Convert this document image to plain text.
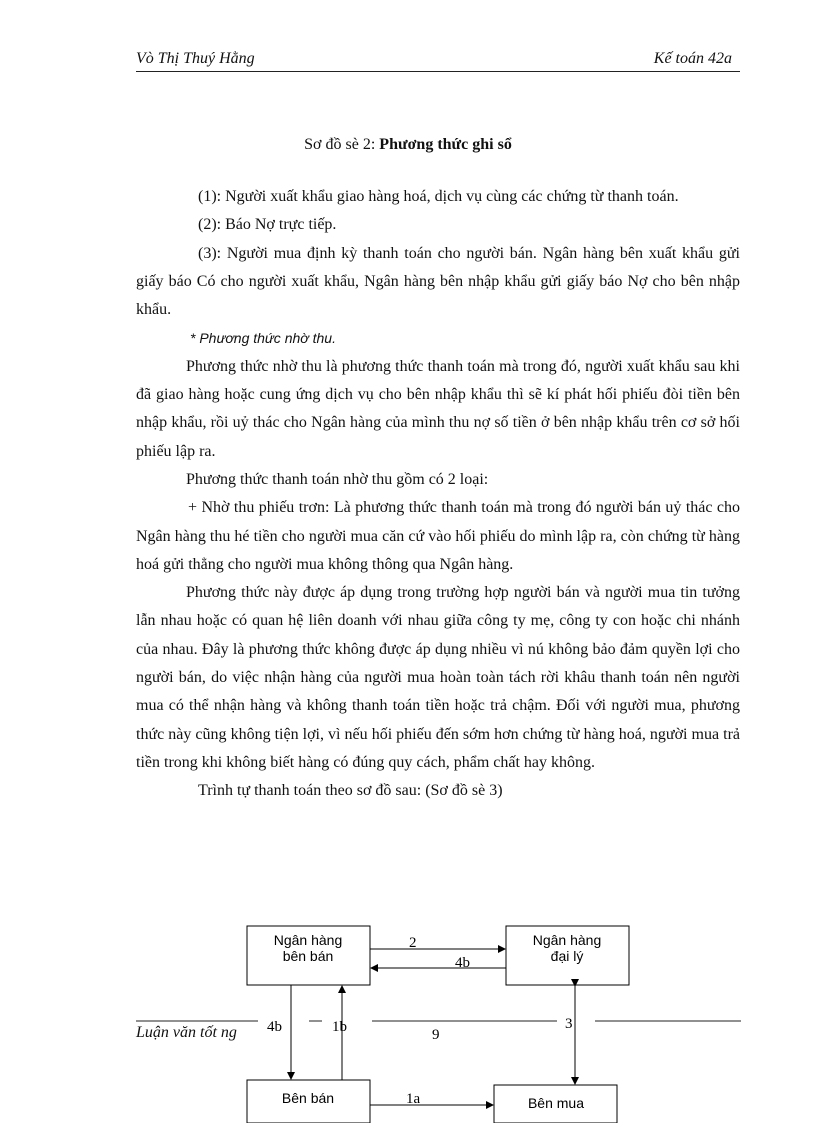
Vò Thị Thuý Hằng	Kế toán 42a
Sơ đồ sè 2: Phương thức ghi sổ

(1): Người xuất khẩu giao hàng hoá, dịch vụ cùng các chứng từ thanh toán.

(2): Báo Nợ trực tiếp.

(3): Người mua định kỳ thanh toán cho người bán. Ngân hàng bên xuất khẩu gửi giấy báo Có cho người xuất khẩu, Ngân hàng bên nhập khẩu gửi giấy báo Nợ cho bên nhập khẩu.

* Phương thức nhờ thu.

Phương thức nhờ thu là phương thức thanh toán mà trong đó, người xuất khẩu sau khi đã giao hàng hoặc cung ứng dịch vụ cho bên nhập khẩu thì sẽ kí phát hối phiếu đòi tiền bên nhập khẩu, rồi uỷ thác cho Ngân hàng của mình thu nợ số tiền ở bên nhập khẩu trên cơ sở hối phiếu lập ra.

Phương thức thanh toán nhờ thu gồm có 2 loại:

+ Nhờ thu phiếu trơn: Là phương thức thanh toán mà trong đó người bán uỷ thác cho Ngân hàng thu hé tiền cho người mua căn cứ vào hối phiếu do mình lập ra, còn chứng từ hàng hoá gửi thẳng cho người mua không thông qua Ngân hàng.

Phương thức này được áp dụng trong trường hợp người bán và người mua tin tưởng lẫn nhau hoặc có quan hệ liên doanh với nhau giữa công ty mẹ, công ty con hoặc chi nhánh của nhau. Đây là phương thức không được áp dụng nhiều vì nú không bảo đảm quyền lợi cho người bán, do việc nhận hàng của người mua hoàn toàn tách rời khâu thanh toán nên người mua có thể nhận hàng và không thanh toán tiền hoặc trả chậm. Đối với người mua, phương thức này cũng không tiện lợi, vì nếu hối phiếu đến sớm hơn chứng từ hàng hoá, người mua trả tiền trong khi không biết hàng có đúng quy cách, phẩm chất hay không.

Trình tự thanh toán theo sơ đồ sau: (Sơ đồ sè 3)

Ngân hàng
bên bán
Ngân hàng
đại lý
Bên bán	Bên mua
2
4b
4b	1b	3
9
1a
Luận văn tốt ng
